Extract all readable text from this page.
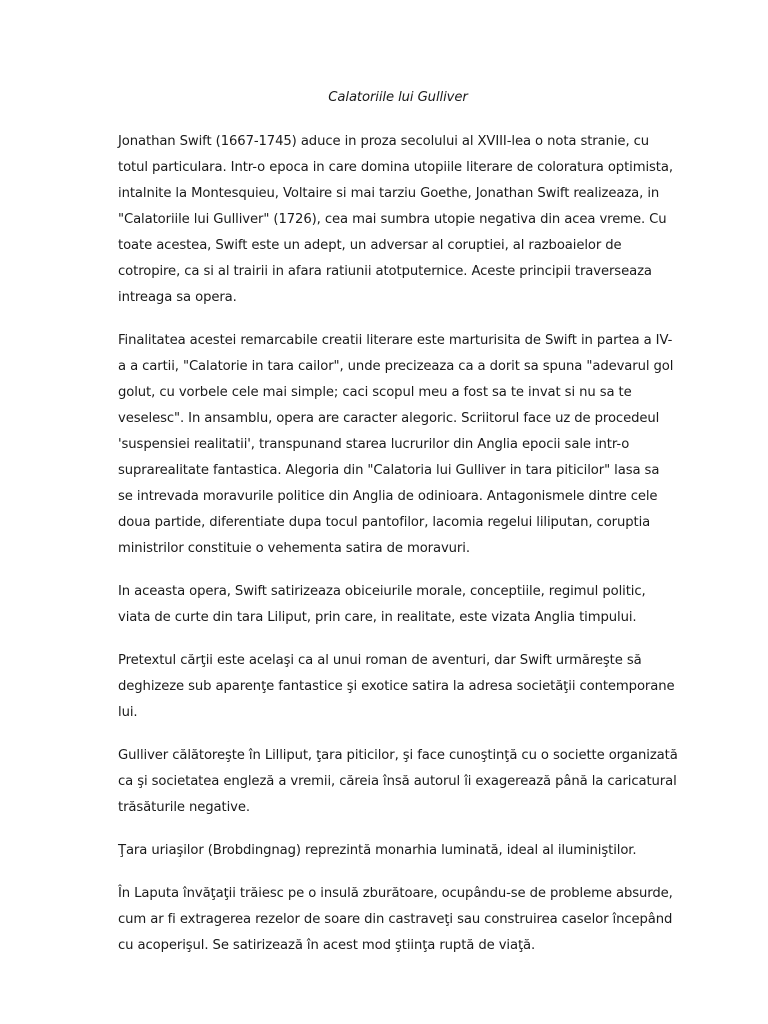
Calatoriile lui Gulliver

Jonathan Swift (1667-1745) aduce in proza secolului al XVIII-lea o nota stranie, cu totul particulara. Intr-o epoca in care domina utopiile literare de coloratura optimista, intalnite la Montesquieu, Voltaire si mai tarziu Goethe, Jonathan Swift realizeaza, in "Calatoriile lui Gulliver" (1726), cea mai sumbra utopie negativa din acea vreme. Cu toate acestea, Swift este un adept, un adversar al coruptiei, al razboaielor de cotropire, ca si al trairii in afara ratiunii atotputernice. Aceste principii traverseaza intreaga sa opera.

Finalitatea acestei remarcabile creatii literare este marturisita de Swift in partea a IV-a a cartii, "Calatorie in tara cailor", unde precizeaza ca a dorit sa spuna "adevarul gol golut, cu vorbele cele mai simple; caci scopul meu a fost sa te invat si nu sa te veselesc". In ansamblu, opera are caracter alegoric. Scriitorul face uz de procedeul 'suspensiei realitatii', transpunand starea lucrurilor din Anglia epocii sale intr-o suprarealitate fantastica. Alegoria din "Calatoria lui Gulliver in tara piticilor" lasa sa se intrevada moravurile politice din Anglia de odinioara. Antagonismele dintre cele doua partide, diferentiate dupa tocul pantofilor, lacomia regelui liliputan, coruptia ministrilor constituie o vehementa satira de moravuri.

In aceasta opera, Swift satirizeaza obiceiurile morale, conceptiile, regimul politic, viata de curte din tara Liliput, prin care, in realitate, este vizata Anglia timpului.

Pretextul cărţii este acelaşi ca al unui roman de aventuri, dar Swift urmăreşte să deghizeze sub aparenţe fantastice şi exotice satira la adresa societăţii contemporane lui.

Gulliver călătoreşte în Lilliput, ţara piticilor, şi face cunoştinţă cu o societte organizată ca şi societatea engleză a vremii, căreia însă autorul îi exagerează până la caricatural trăsăturile negative.

Ţara uriaşilor (Brobdingnag) reprezintă monarhia luminată, ideal al iluminiştilor.

În Laputa învăţaţii trăiesc pe o insulă zburătoare, ocupându-se de probleme absurde, cum ar fi extragerea rezelor de soare din castraveţi sau construirea caselor începând cu acoperişul. Se satirizează în acest mod ştiinţa ruptă de viaţă.
